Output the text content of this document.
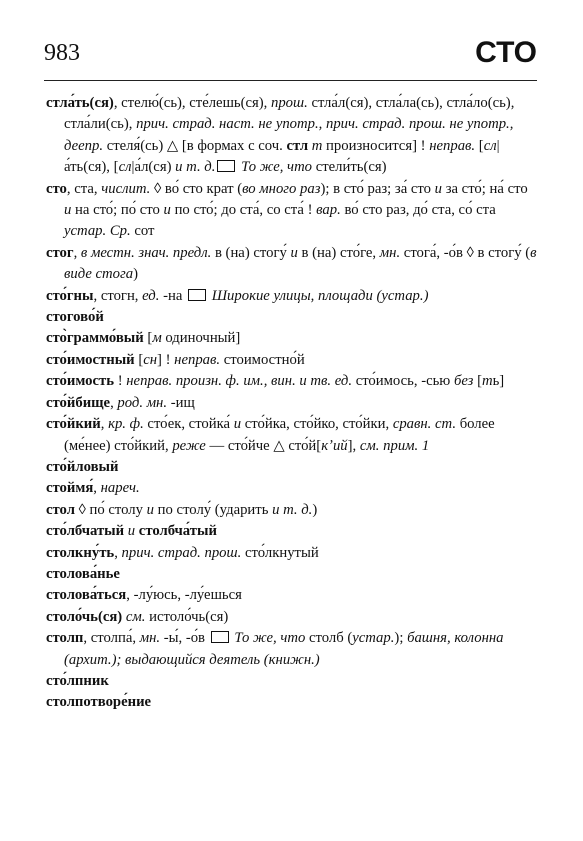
983	СТО
стла́ть(ся), стелю́(сь), сте́лешь(ся), прош. стла́л(ся), стла́ла(сь), стла́ло(сь), стла́ли(сь), прич. страд. наст. не употр., прич. страд. прош. не употр., деепр. стеля́(сь) △ [в формах с соч. стл т произносится] ! неправ. [сл|а́ть(ся), [сл|а́л(ся) и т. д. То же, что стели́ть(ся)
сто, ста, числит. ◊ во́ сто крат (во много раз); в сто́ раз; за́ сто и за сто́; на́ сто и на сто́; по́ сто и по сто́; до ста́, со ста́ ! вар. во́ сто раз, до́ ста, со́ ста устар. Ср. сот
стог, в местн. знач. предл. в (на) стогу́ и в (на) сто́ге, мн. стога́, -о́в ◊ в стогу́ (в виде стога)
сто́гны, стогн, ед. -на  Широкие улицы, площади (устар.)
стогово́й
сто̀граммо́вый [м одиночный]
сто́имостный [сн] ! неправ. стоимостно́й
сто́имость ! неправ. произн. ф. им., вин. и тв. ед. сто́имось, -сью без [ть]
сто́йбище, род. мн. -ищ
сто́йкий, кр. ф. сто́ек, стойка́ и сто́йка, сто́йко, сто́йки, сравн. ст. более (ме́нее) сто́йкий, реже — сто́йче △ сто́й[кʼий], см. прим. 1
сто́йловый
стоймя́, нареч.
стол ◊ по́ столу и по столу́ (ударить и т. д.)
сто́лбчатый и столбча́тый
столкну́ть, прич. страд. прош. сто́лкнутый
столова́нье
столова́ться, -лу́юсь, -лу́ешься
столо́чь(ся) см. истоло́чь(ся)
столп, столпа́, мн. -ы́, -о́в  То же, что столб (устар.); башня, колонна (архит.); выдающийся деятель (книжн.)
сто́лпник
столпотворе́ние
